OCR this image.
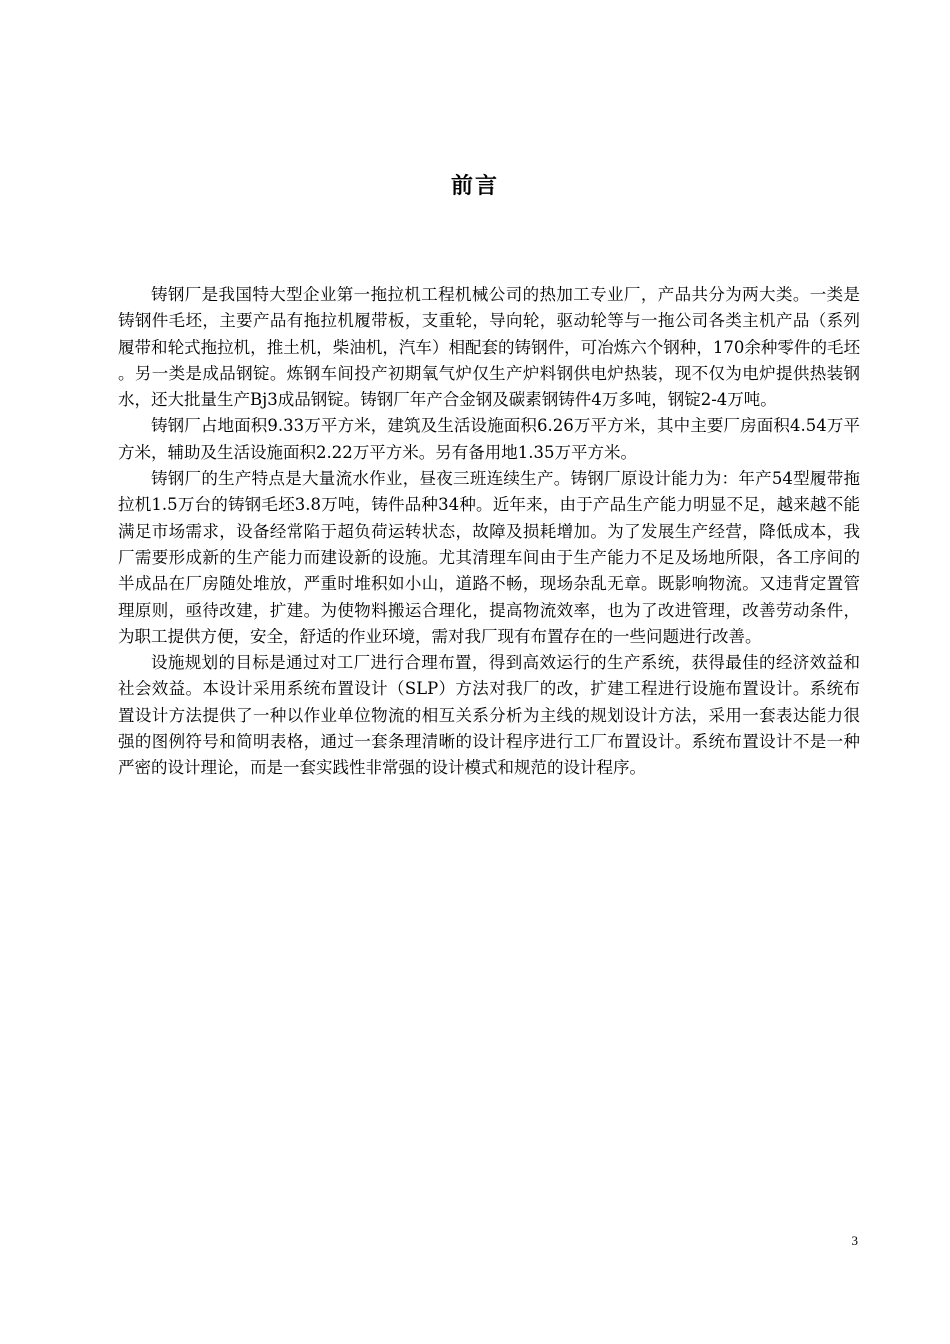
前言

铸钢厂是我国特大型企业第一拖拉机工程机械公司的热加工专业厂，产品共分为两大类。一类是铸钢件毛坯，主要产品有拖拉机履带板，支重轮，导向轮，驱动轮等与一拖公司各类主机产品（系列履带和轮式拖拉机，推土机，柴油机，汽车）相配套的铸钢件，可冶炼六个钢种，170余种零件的毛坯。另一类是成品钢锭。炼钢车间投产初期氧气炉仅生产炉料钢供电炉热装，现不仅为电炉提供热装钢水，还大批量生产Bj3成品钢锭。铸钢厂年产合金钢及碳素钢铸件4万多吨，钢锭2-4万吨。

铸钢厂占地面积9.33万平方米，建筑及生活设施面积6.26万平方米，其中主要厂房面积4.54万平方米，辅助及生活设施面积2.22万平方米。另有备用地1.35万平方米。

铸钢厂的生产特点是大量流水作业，昼夜三班连续生产。铸钢厂原设计能力为：年产54型履带拖拉机1.5万台的铸钢毛坯3.8万吨，铸件品种34种。近年来，由于产品生产能力明显不足，越来越不能满足市场需求，设备经常陷于超负荷运转状态，故障及损耗增加。为了发展生产经营，降低成本，我厂需要形成新的生产能力而建设新的设施。尤其清理车间由于生产能力不足及场地所限，各工序间的半成品在厂房随处堆放，严重时堆积如小山，道路不畅，现场杂乱无章。既影响物流。又违背定置管理原则，亟待改建，扩建。为使物料搬运合理化，提高物流效率，也为了改进管理，改善劳动条件，为职工提供方便，安全，舒适的作业环境，需对我厂现有布置存在的一些问题进行改善。

设施规划的目标是通过对工厂进行合理布置，得到高效运行的生产系统，获得最佳的经济效益和社会效益。本设计采用系统布置设计（SLP）方法对我厂的改，扩建工程进行设施布置设计。系统布置设计方法提供了一种以作业单位物流的相互关系分析为主线的规划设计方法，采用一套表达能力很强的图例符号和简明表格，通过一套条理清晰的设计程序进行工厂布置设计。系统布置设计不是一种严密的设计理论，而是一套实践性非常强的设计模式和规范的设计程序。

3
